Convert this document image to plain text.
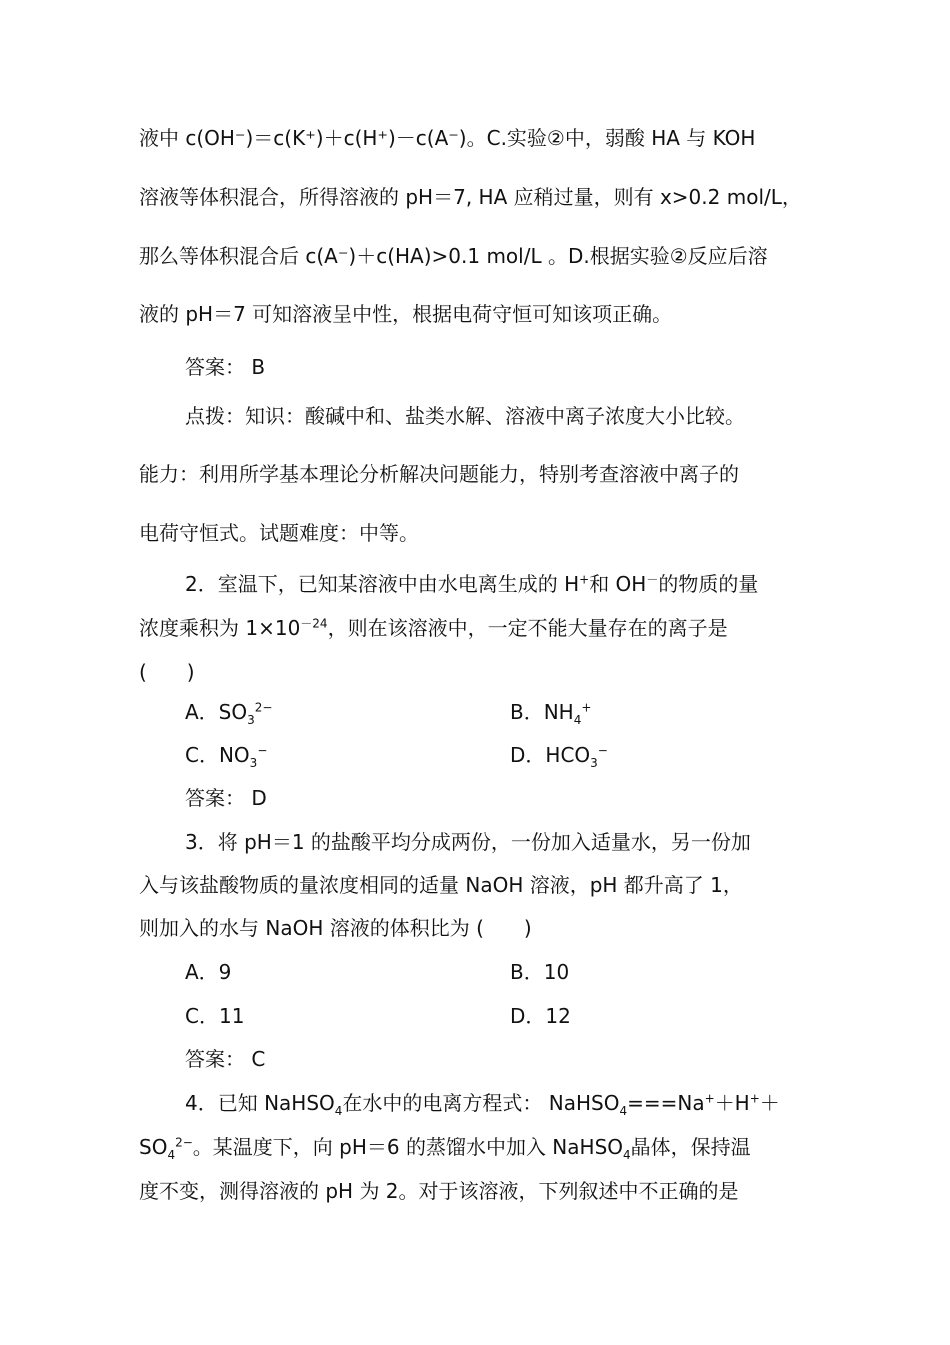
液中 c(OH⁻)＝c(K⁺)＋c(H⁺)－c(A⁻)。C.实验②中，弱酸 HA 与 KOH
溶液等体积混合，所得溶液的 pH＝7, HA 应稍过量，则有 x>0.2 mol/L，
那么等体积混合后 c(A⁻)＋c(HA)>0.1 mol/L 。D.根据实验②反应后溶
液的 pH＝7 可知溶液呈中性，根据电荷守恒可知该项正确。
答案： B
点拨：知识：酸碱中和、盐类水解、溶液中离子浓度大小比较。
能力：利用所学基本理论分析解决问题能力，特别考查溶液中离子的
电荷守恒式。试题难度：中等。
2．室温下，已知某溶液中由水电离生成的 H+和 OH－的物质的量
浓度乘积为 $1\times 10^{-24}$，则在该溶液中，一定不能大量存在的离子是
(　　)
A．$SO_3^{2-}$	B．$NH_4^+$
C．$NO_3^-$	D．$HCO_3^-$
答案： D
3．将 pH＝1 的盐酸平均分成两份，一份加入适量水，另一份加
入与该盐酸物质的量浓度相同的适量 NaOH 溶液，pH 都升高了 1，
则加入的水与 NaOH 溶液的体积比为 (　　)
A．9	B．10
C．11	D．12
答案： C
4．已知 NaHSO$_4$在水中的电离方程式： NaHSO$_4$===Na+＋H+＋
$SO_4^{2-}$。某温度下，向 pH＝6 的蒸馏水中加入 NaHSO$_4$晶体，保持温
度不变，测得溶液的 pH 为 2。对于该溶液，下列叙述中不正确的是
